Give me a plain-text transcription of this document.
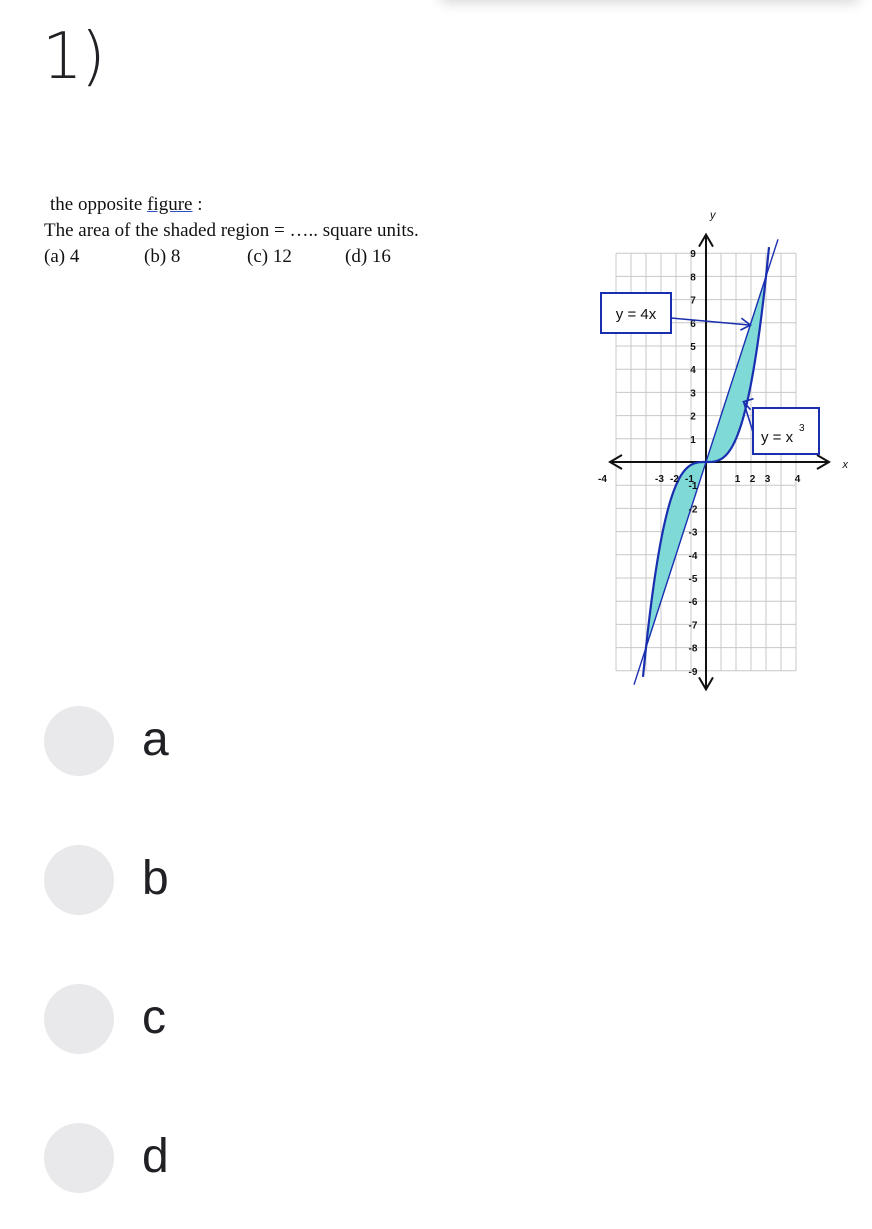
1)
the opposite figure :
The area of the shaded region = ….. square units.
(a) 4	(b) 8	(c) 12	(d) 16
-4	-3 -2 -1	1 2 3 4
9
8
7
6
5
4
3
2
1
-1
-2
-3
-4
-5
-6
-7
-8
-9
x
y
y = 4x
y = x
3
a
b
c
d
